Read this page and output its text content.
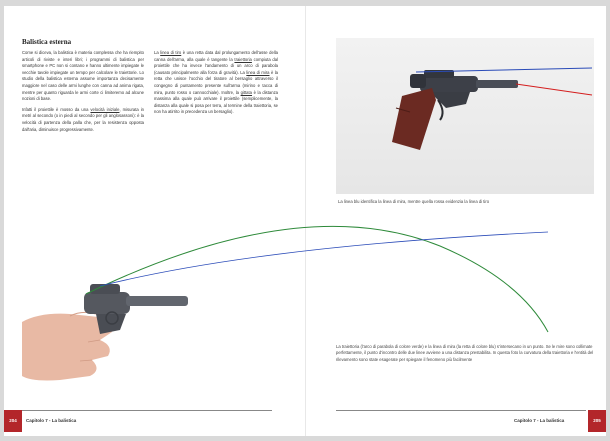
Balistica esterna

Come si diceva, la balistica è materia complessa che ha riempito articoli di riviste e interi libri; i programmi di balistica per smartphone e PC non si contano e hanno ultimente impiegate le vecchie tavole impiegate un tempo per calcolare le traiettorie. Lo studio della balistica esterna assume importanza decisamente maggiore nel caso delle armi lunghe con canna ad anima rigata, mentre per quanto riguarda le armi corte ci limiteremo ad alcune nozioni di base.

Infatti il proiettile è mosso da una velocità iniziale, misurata in metri al secondo (o in piedi al secondo per gli anglosassoni): è la velocità di partenza della palla che, per la resistenza opposta dall'aria, diminuisce progressivamente.

La linea di tiro è una retta data dal prolungamento dell'asse della canna dell'arma, alla quale è tangente la traiettoria compiuta dal proiettile che ha invece l'andamento di un arco di parabola (causato principalmente alla forza di gravità). La linea di mira è la retta che unisce l'occhio del tiratore al bersaglio attraverso il congegno di puntamento presente sull'arma (mirino e tacca di mira, punto rosso o cannocchiale). Inoltre, la gittata è la distanza massima alla quale può arrivare il proiettile (semplicemente, la distanza alla quale si posa per terra, al termine della traiettoria, se non ha atirrito in precedenza un bersaglio).

La linea blu identifica la linea di mira, mentre quella rossa evidenzia la linea di tiro
La traiettoria (l'arco di parabola di colore verde) e la linea di mira (la retta di colore blu) s'intersecano in un punto. Se le mire sono collimate perfettamente, il punto d'incontro delle due linee avviene a una distanza prestabilita. In questa foto la curvatura della traiettoria e l'entità del rilevamento sono state esagerate per spiegare il fenomeno più facilmente
204	205
Capitolo 7 - La balistica	Capitolo 7 - La balistica
